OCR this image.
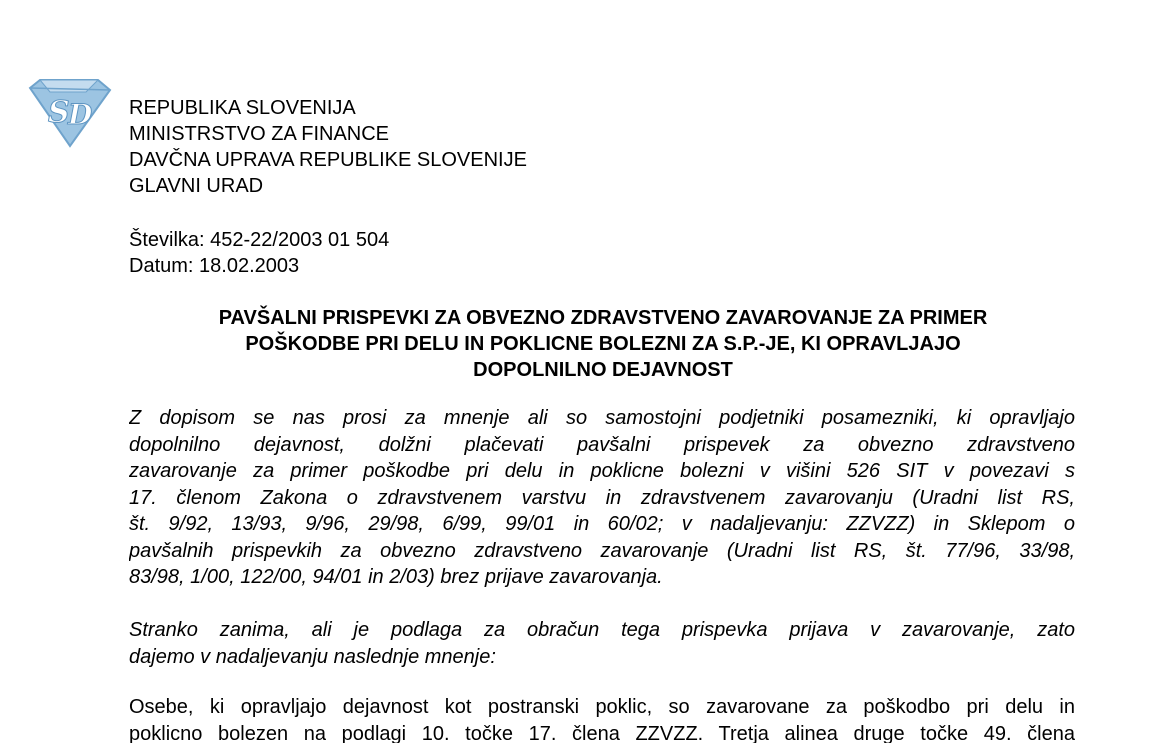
S
D REPUBLIKA SLOVENIJA
MINISTRSTVO ZA FINANCE
DAVČNA UPRAVA REPUBLIKE SLOVENIJE
GLAVNI URAD
Številka: 452-22/2003 01 504
Datum: 18.02.2003
PAVŠALNI PRISPEVKI ZA OBVEZNO ZDRAVSTVENO ZAVAROVANJE ZA PRIMER
POŠKODBE PRI DELU IN POKLICNE BOLEZNI ZA S.P.-JE, KI OPRAVLJAJO
DOPOLNILNO DEJAVNOST
Z dopisom se nas prosi za mnenje ali so samostojni podjetniki posamezniki, ki opravljajo
dopolnilno dejavnost, dolžni plačevati pavšalni prispevek za obvezno zdravstveno
zavarovanje za primer poškodbe pri delu in poklicne bolezni v višini 526 SIT v povezavi s
17. členom Zakona o zdravstvenem varstvu in zdravstvenem zavarovanju (Uradni list RS,
št. 9/92, 13/93, 9/96, 29/98, 6/99, 99/01 in 60/02; v nadaljevanju: ZZVZZ) in Sklepom o
pavšalnih prispevkih za obvezno zdravstveno zavarovanje (Uradni list RS, št. 77/96, 33/98,
83/98, 1/00, 122/00, 94/01 in 2/03) brez prijave zavarovanja.
Stranko zanima, ali je podlaga za obračun tega prispevka prijava v zavarovanje, zato
dajemo v nadaljevanju naslednje mnenje:
Osebe, ki opravljajo dejavnost kot postranski poklic, so zavarovane za poškodbo pri delu in
poklicno bolezen na podlagi 10. točke 17. člena ZZVZZ. Tretja alinea druge točke 49. člena
